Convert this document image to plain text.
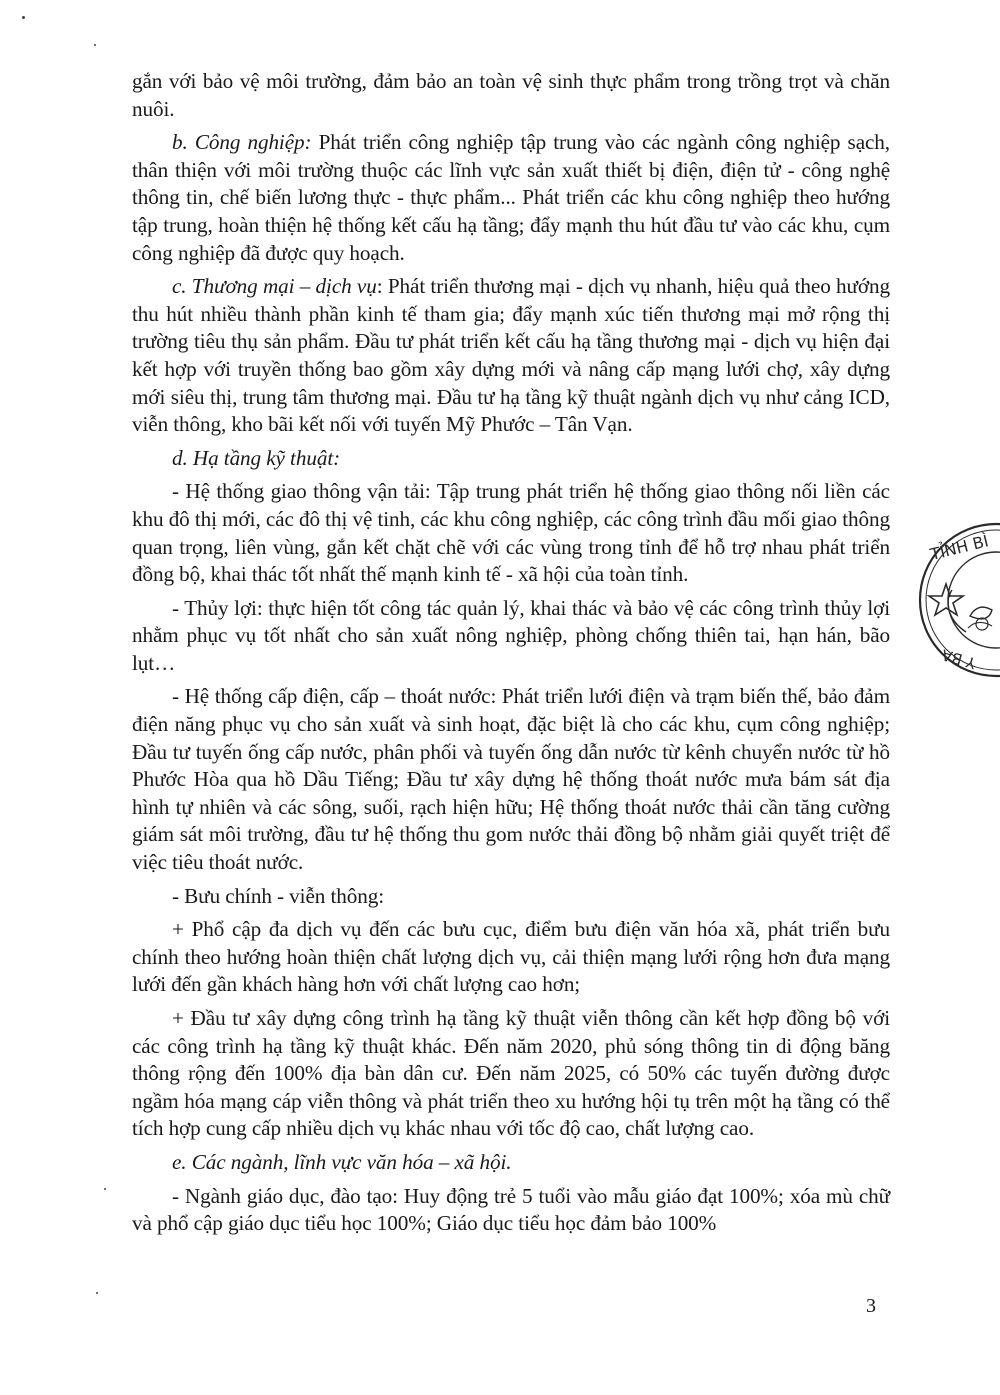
gắn với bảo vệ môi trường, đảm bảo an toàn vệ sinh thực phẩm trong trồng trọt và chăn nuôi.

b. Công nghiệp: Phát triển công nghiệp tập trung vào các ngành công nghiệp sạch, thân thiện với môi trường thuộc các lĩnh vực sản xuất thiết bị điện, điện tử - công nghệ thông tin, chế biến lương thực - thực phẩm... Phát triển các khu công nghiệp theo hướng tập trung, hoàn thiện hệ thống kết cấu hạ tầng; đẩy mạnh thu hút đầu tư vào các khu, cụm công nghiệp đã được quy hoạch.

c. Thương mại – dịch vụ: Phát triển thương mại - dịch vụ nhanh, hiệu quả theo hướng thu hút nhiều thành phần kinh tế tham gia; đẩy mạnh xúc tiến thương mại mở rộng thị trường tiêu thụ sản phẩm. Đầu tư phát triển kết cấu hạ tầng thương mại - dịch vụ hiện đại kết hợp với truyền thống bao gồm xây dựng mới và nâng cấp mạng lưới chợ, xây dựng mới siêu thị, trung tâm thương mại. Đầu tư hạ tầng kỹ thuật ngành dịch vụ như cảng ICD, viễn thông, kho bãi kết nối với tuyến Mỹ Phước – Tân Vạn.

d. Hạ tầng kỹ thuật:

- Hệ thống giao thông vận tải: Tập trung phát triển hệ thống giao thông nối liền các khu đô thị mới, các đô thị vệ tinh, các khu công nghiệp, các công trình đầu mối giao thông quan trọng, liên vùng, gắn kết chặt chẽ với các vùng trong tỉnh để hỗ trợ nhau phát triển đồng bộ, khai thác tốt nhất thế mạnh kinh tế - xã hội của toàn tỉnh.

- Thủy lợi: thực hiện tốt công tác quản lý, khai thác và bảo vệ các công trình thủy lợi nhằm phục vụ tốt nhất cho sản xuất nông nghiệp, phòng chống thiên tai, hạn hán, bão lụt…

- Hệ thống cấp điện, cấp – thoát nước: Phát triển lưới điện và trạm biến thế, bảo đảm điện năng phục vụ cho sản xuất và sinh hoạt, đặc biệt là cho các khu, cụm công nghiệp; Đầu tư tuyến ống cấp nước, phân phối và tuyến ống dẫn nước từ kênh chuyển nước từ hồ Phước Hòa qua hồ Dầu Tiếng; Đầu tư xây dựng hệ thống thoát nước mưa bám sát địa hình tự nhiên và các sông, suối, rạch hiện hữu; Hệ thống thoát nước thải cần tăng cường giám sát môi trường, đầu tư hệ thống thu gom nước thải đồng bộ nhằm giải quyết triệt để việc tiêu thoát nước.

- Bưu chính - viễn thông:

+ Phổ cập đa dịch vụ đến các bưu cục, điểm bưu điện văn hóa xã, phát triển bưu chính theo hướng hoàn thiện chất lượng dịch vụ, cải thiện mạng lưới rộng hơn đưa mạng lưới đến gần khách hàng hơn với chất lượng cao hơn;

+ Đầu tư xây dựng công trình hạ tầng kỹ thuật viễn thông cần kết hợp đồng bộ với các công trình hạ tầng kỹ thuật khác. Đến năm 2020, phủ sóng thông tin di động băng thông rộng đến 100% địa bàn dân cư. Đến năm 2025, có 50% các tuyến đường được ngầm hóa mạng cáp viễn thông và phát triển theo xu hướng hội tụ trên một hạ tầng có thể tích hợp cung cấp nhiều dịch vụ khác nhau với tốc độ cao, chất lượng cao.

e. Các ngành, lĩnh vực văn hóa – xã hội.

- Ngành giáo dục, đào tạo: Huy động trẻ 5 tuổi vào mẫu giáo đạt 100%; xóa mù chữ và phổ cập giáo dục tiểu học 100%; Giáo dục tiểu học đảm bảo 100%

3
TỈNH BÌ
Y BA
